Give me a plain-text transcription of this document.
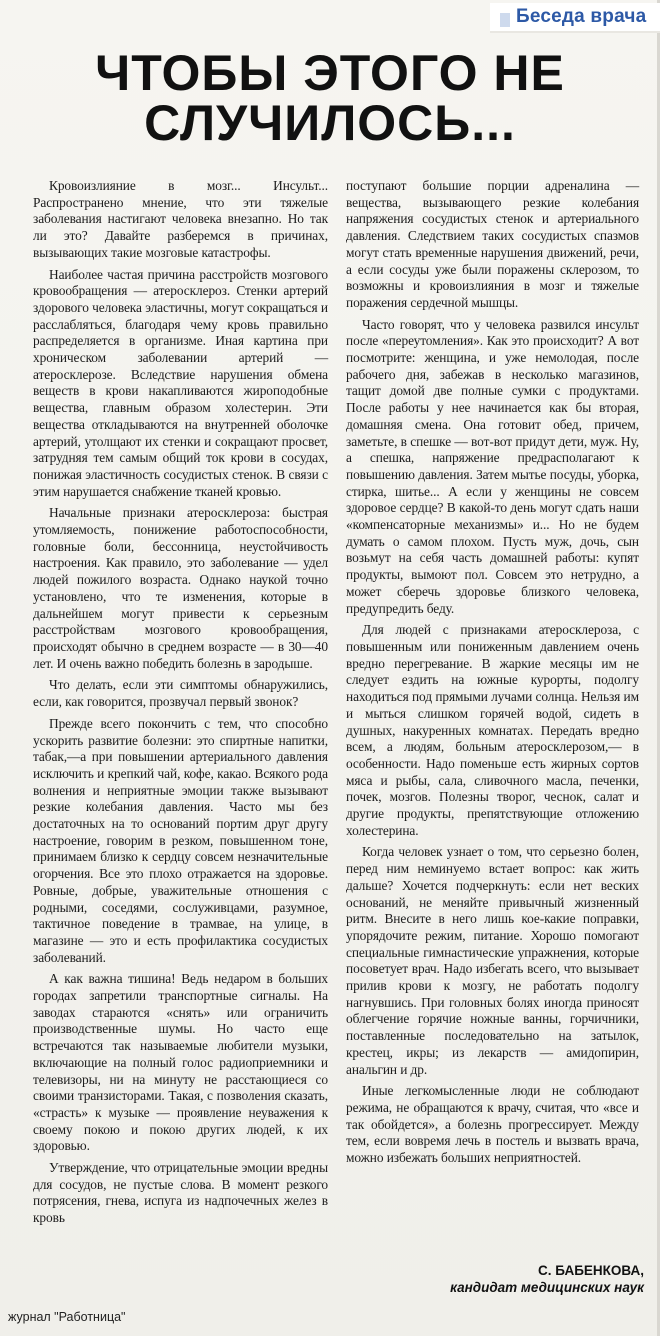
Беседа врача
ЧТОБЫ ЭТОГО НЕ
СЛУЧИЛОСЬ...

Кровоизлияние в мозг... Инсульт... Распространено мнение, что эти тяжелые заболевания настигают человека внезапно. Но так ли это? Давайте разберемся в причинах, вызывающих такие мозговые катастрофы.

Наиболее частая причина расстройств мозгового кровообращения — атеросклероз. Стенки артерий здорового человека эластичны, могут сокращаться и расслабляться, благодаря чему кровь правильно распределяется в организме. Иная картина при хроническом заболевании артерий — атеросклерозе. Вследствие нарушения обмена веществ в крови накапливаются жироподобные вещества, главным образом холестерин. Эти вещества откладываются на внутренней оболочке артерий, утолщают их стенки и сокращают просвет, затрудняя тем самым общий ток крови в сосудах, понижая эластичность сосудистых стенок. В связи с этим нарушается снабжение тканей кровью.

Начальные признаки атеросклероза: быстрая утомляемость, понижение работоспособности, головные боли, бессонница, неустойчивость настроения. Как правило, это заболевание — удел людей пожилого возраста. Однако наукой точно установлено, что те изменения, которые в дальнейшем могут привести к серьезным расстройствам мозгового кровообращения, происходят обычно в среднем возрасте — в 30—40 лет. И очень важно победить болезнь в зародыше.

Что делать, если эти симптомы обнаружились, если, как говорится, прозвучал первый звонок?

Прежде всего покончить с тем, что способно ускорить развитие болезни: это спиртные напитки, табак,—а при повышении артериального давления исключить и крепкий чай, кофе, какао. Всякого рода волнения и неприятные эмоции также вызывают резкие колебания давления. Часто мы без достаточных на то оснований портим друг другу настроение, говорим в резком, повышенном тоне, принимаем близко к сердцу совсем незначительные огорчения. Все это плохо отражается на здоровье. Ровные, добрые, уважительные отношения с родными, соседями, сослуживцами, разумное, тактичное поведение в трамвае, на улице, в магазине — это и есть профилактика сосудистых заболеваний.

А как важна тишина! Ведь недаром в больших городах запретили транспортные сигналы. На заводах стараются «снять» или ограничить производственные шумы. Но часто еще встречаются так называемые любители музыки, включающие на полный голос радиоприемники и телевизоры, ни на минуту не расстающиеся со своими транзисторами. Такая, с позволения сказать, «страсть» к музыке — проявление неуважения к своему покою и покою других людей, к их здоровью.

Утверждение, что отрицательные эмоции вредны для сосудов, не пустые слова. В момент резкого потрясения, гнева, испуга из надпочечных желез в кровь

поступают большие порции адреналина — вещества, вызывающего резкие колебания напряжения сосудистых стенок и артериального давления. Следствием таких сосудистых спазмов могут стать временные нарушения движений, речи, а если сосуды уже были поражены склерозом, то возможны и кровоизлияния в мозг и тяжелые поражения сердечной мышцы.

Часто говорят, что у человека развился инсульт после «переутомления». Как это происходит? А вот посмотрите: женщина, и уже немолодая, после рабочего дня, забежав в несколько магазинов, тащит домой две полные сумки с продуктами. После работы у нее начинается как бы вторая, домашняя смена. Она готовит обед, причем, заметьте, в спешке — вот-вот придут дети, муж. Ну, а спешка, напряжение предрасполагают к повышению давления. Затем мытье посуды, уборка, стирка, шитье... А если у женщины не совсем здоровое сердце? В какой-то день могут сдать наши «компенсаторные механизмы» и... Но не будем думать о самом плохом. Пусть муж, дочь, сын возьмут на себя часть домашней работы: купят продукты, вымоют пол. Совсем это нетрудно, а может сберечь здоровье близкого человека, предупредить беду.

Для людей с признаками атеросклероза, с повышенным или пониженным давлением очень вредно перегревание. В жаркие месяцы им не следует ездить на южные курорты, подолгу находиться под прямыми лучами солнца. Нельзя им и мыться слишком горячей водой, сидеть в душных, накуренных комнатах. Передать вредно всем, а людям, больным атеросклерозом,— в особенности. Надо поменьше есть жирных сортов мяса и рыбы, сала, сливочного масла, печенки, почек, мозгов. Полезны творог, чеснок, салат и другие продукты, препятствующие отложению холестерина.

Когда человек узнает о том, что серьезно болен, перед ним неминуемо встает вопрос: как жить дальше? Хочется подчеркнуть: если нет веских оснований, не меняйте привычный жизненный ритм. Внесите в него лишь кое-какие поправки, упорядочите режим, питание. Хорошо помогают специальные гимнастические упражнения, которые посоветует врач. Надо избегать всего, что вызывает прилив крови к мозгу, не работать подолгу нагнувшись. При головных болях иногда приносят облегчение горячие ножные ванны, горчичники, поставленные последовательно на затылок, крестец, икры; из лекарств — амидопирин, анальгин и др.

Иные легкомысленные люди не соблюдают режима, не обращаются к врачу, считая, что «все и так обойдется», а болезнь прогрессирует. Между тем, если вовремя лечь в постель и вызвать врача, можно избежать больших неприятностей.

С. БАБЕНКОВА,
кандидат медицинских наук
журнал "Работница"
